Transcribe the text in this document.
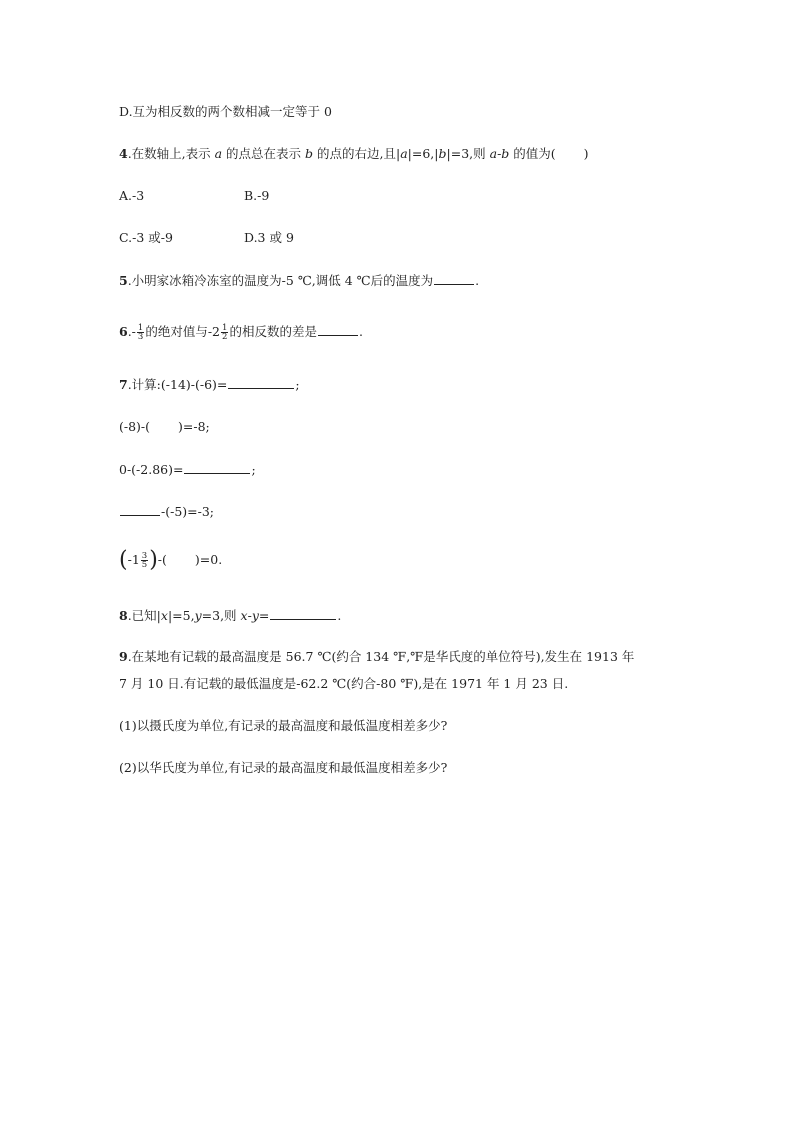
D.互为相反数的两个数相减一定等于 0
4.在数轴上,表示 a 的点总在表示 b 的点的右边,且|a|=6,|b|=3,则 a-b 的值为( )
A.-3	B.-9
C.-3 或-9	D.3 或 9
5.小明家冰箱冷冻室的温度为-5 ℃,调低 4 ℃后的温度为	.
$6.- \frac{1}{3}$ 的绝对值与$-2 \frac{1}{2}$ 的相反数的差是	.
7.计算:(-14)-(-6)=	;
(-8)-( )=-8;
0-(-2.86)=	;
-(-5)=-3;
($-1 \frac{3}{5}$ )-( )=0.
8.已知|x|=5,y=3,则 x-y=	.
9.在某地有记载的最高温度是 56.7 ℃(约合 134 ℉,℉是华氏度的单位符号),发生在 1913 年
7 月 10 日.有记载的最低温度是-62.2 ℃(约合-80 ℉),是在 1971 年 1 月 23 日.
(1)以摄氏度为单位,有记录的最高温度和最低温度相差多少?
(2)以华氏度为单位,有记录的最高温度和最低温度相差多少?
